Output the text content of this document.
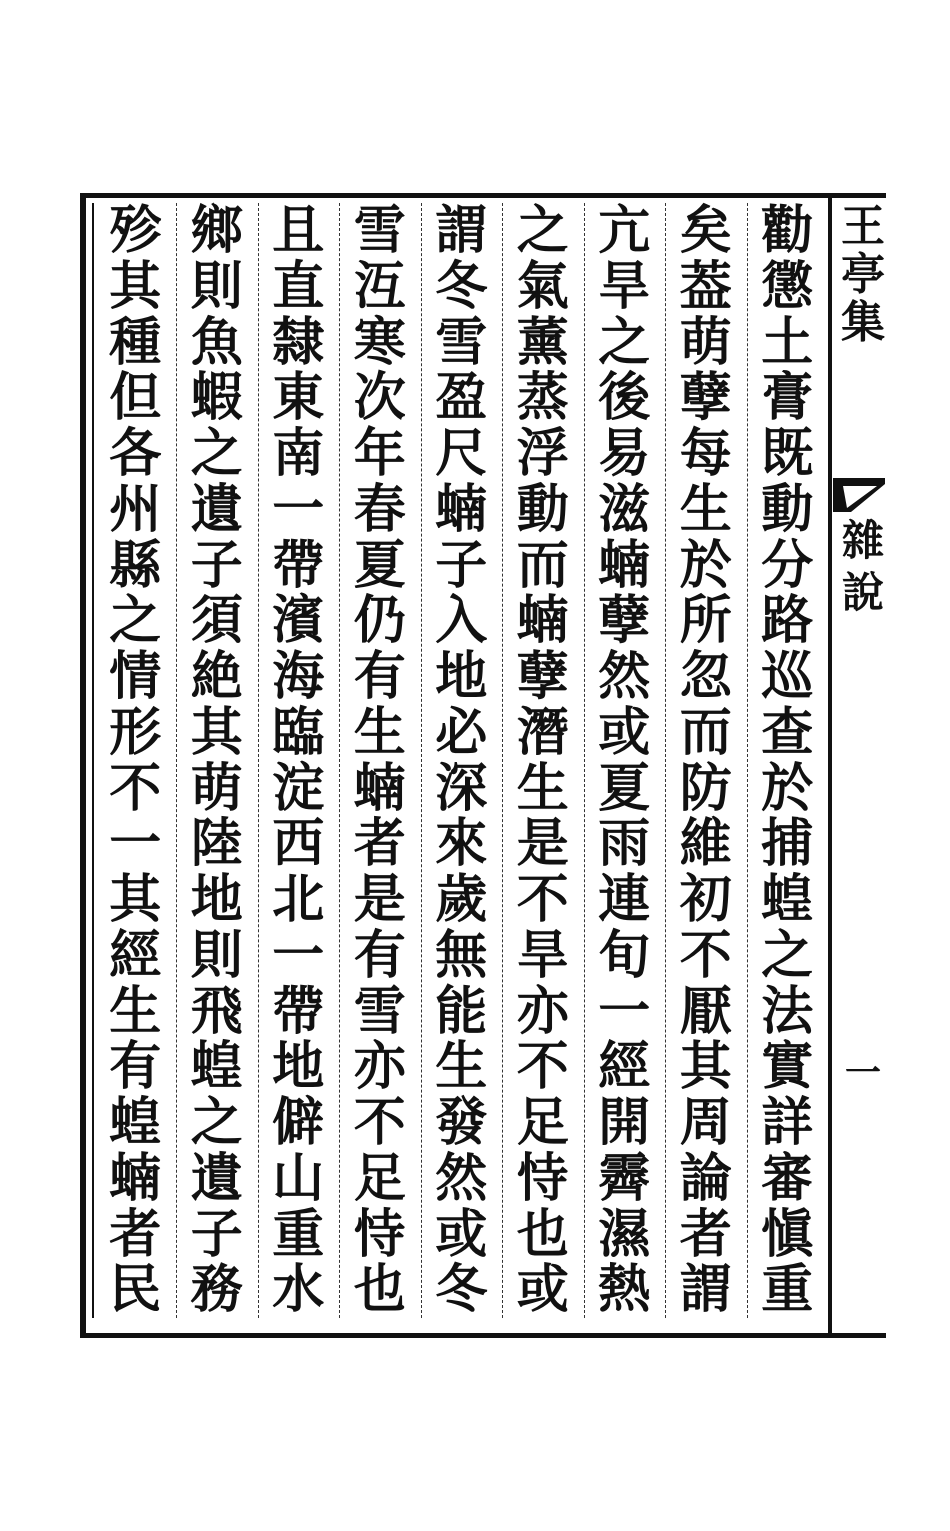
勸
懲
土
膏
既
動
分
路
巡
查
於
捕
蝗
之
法
實
詳
審
愼
重
矣
葢
萌
孽
每
生
於
所
忽
而
防
維
初
不
厭
其
周
論
者
謂
亢
旱
之
後
易
滋
蝻
孽
然
或
夏
雨
連
旬
一
經
開
霽
濕
熱
之
氣
薰
蒸
浮
動
而
蝻
孽
潛
生
是
不
旱
亦
不
足
恃
也
或
謂
冬
雪
盈
尺
蝻
子
入
地
必
深
來
歲
無
能
生
發
然
或
冬
雪
沍
寒
次
年
春
夏
仍
有
生
蝻
者
是
有
雪
亦
不
足
恃
也
且
直
隸
東
南
一
帶
濱
海
臨
淀
西
北
一
帶
地
僻
山
重
水
鄉
則
魚
蝦
之
遺
子
須
絶
其
萌
陸
地
則
飛
蝗
之
遺
子
務
殄
其
種
但
各
州
縣
之
情
形
不
一
其
經
生
有
蝗
蝻
者
民
王
亭
集
雜
說
一
